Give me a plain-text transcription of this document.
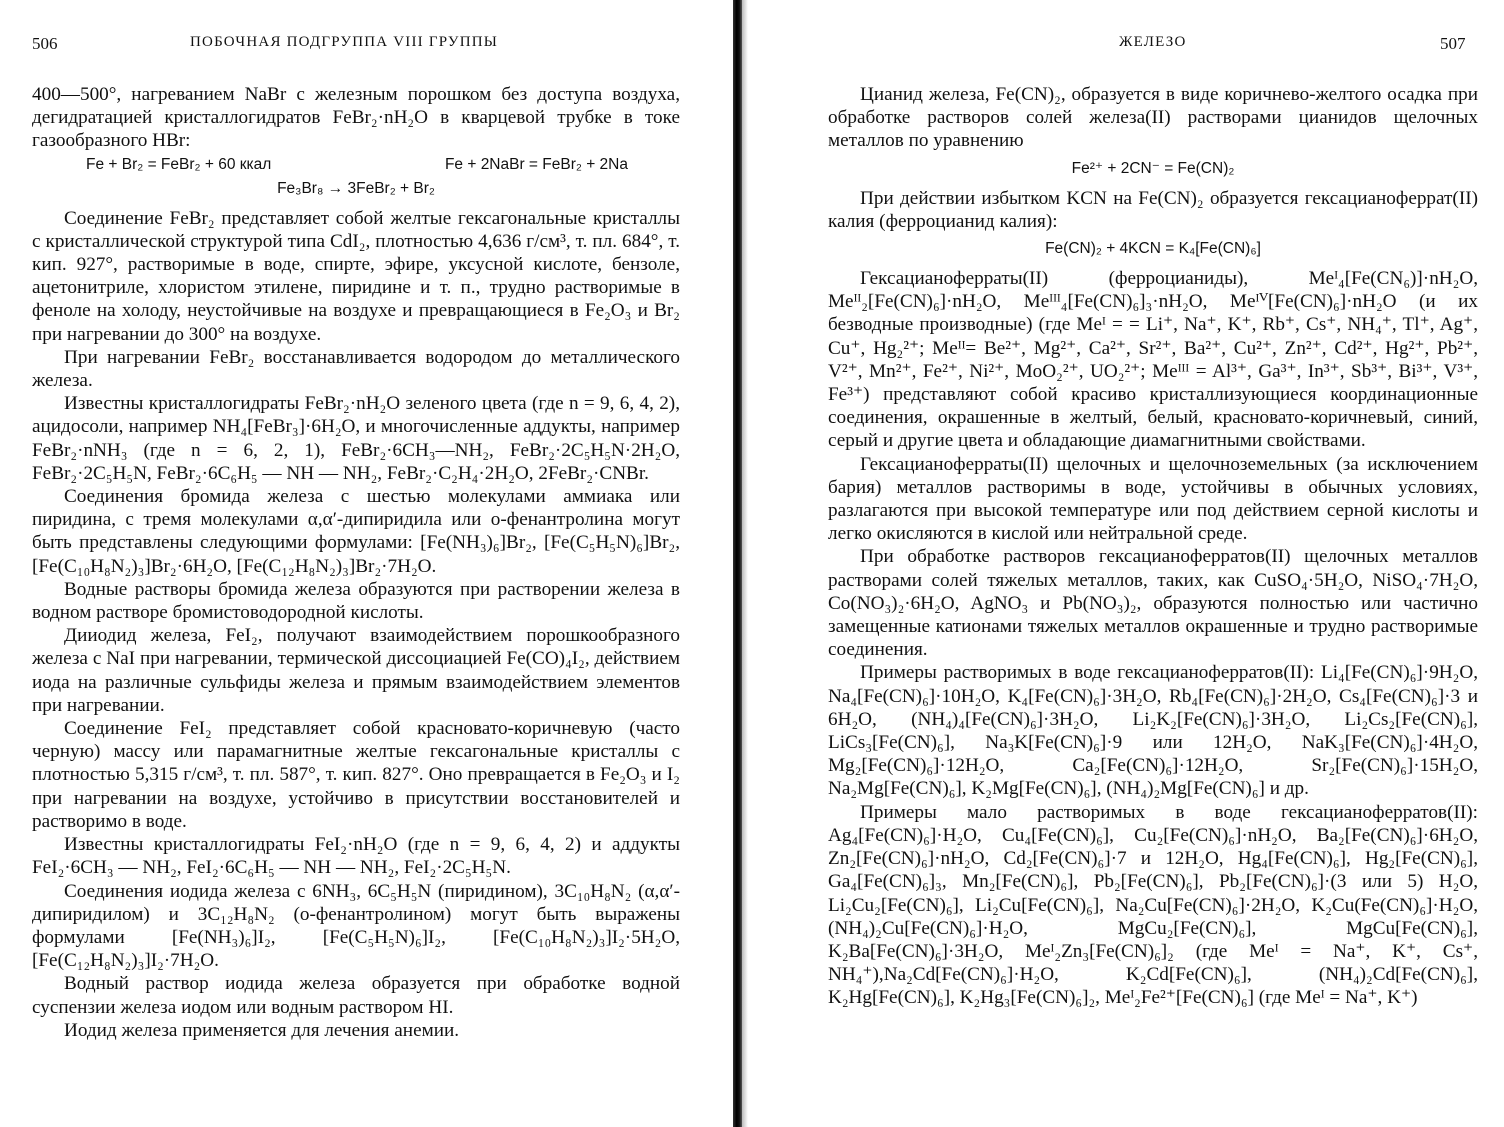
506	ПОБОЧНАЯ ПОДГРУППА VIII ГРУППЫ

400—500°, нагреванием NaBr с железным порошком без доступа воздуха, дегидратацией кристаллогидратов FeBr₂·nH₂O в кварцевой трубке в токе газообразного HBr:

Fe + Br₂ = FeBr₂ + 60 ккал	Fe + 2NaBr = FeBr₂ + 2Na
Fe₃Br₈ → 3FeBr₂ + Br₂

Соединение FeBr₂ представляет собой желтые гексагональные кристаллы с кристаллической структурой типа CdI₂, плотностью 4,636 г/см³, т. пл. 684°, т. кип. 927°, растворимые в воде, спирте, эфире, уксусной кислоте, бензоле, ацетонитриле, хлористом этилене, пиридине и т. п., трудно растворимые в феноле на холоду, неустойчивые на воздухе и превращающиеся в Fe₂O₃ и Br₂ при нагревании до 300° на воздухе.

При нагревании FeBr₂ восстанавливается водородом до металлического железа.

Известны кристаллогидраты FeBr₂·nH₂O зеленого цвета (где n = 9, 6, 4, 2), ацидосоли, например NH₄[FeBr₃]·6H₂O, и многочисленные аддукты, например FeBr₂·nNH₃ (где n = 6, 2, 1), FeBr₂·6CH₃—NH₂, FeBr₂·2C₅H₅N·2H₂O, FeBr₂·2C₅H₅N, FeBr₂·6C₆H₅ — NH — NH₂, FeBr₂·C₂H₄·2H₂O, 2FeBr₂·CNBr.

Соединения бромида железа с шестью молекулами аммиака или пиридина, с тремя молекулами α,α′-дипиридила или o-фенантролина могут быть представлены следующими формулами: [Fe(NH₃)₆]Br₂, [Fe(C₅H₅N)₆]Br₂, [Fe(C₁₀H₈N₂)₃]Br₂·6H₂O, [Fe(C₁₂H₈N₂)₃]Br₂·7H₂O.

Водные растворы бромида железа образуются при растворении железа в водном растворе бромистоводородной кислоты.

Дииодид железа, FeI₂, получают взаимодействием порошкообразного железа с NaI при нагревании, термической диссоциацией Fe(CO)₄I₂, действием иода на различные сульфиды железа и прямым взаимодействием элементов при нагревании.

Соединение FeI₂ представляет собой красновато-коричневую (часто черную) массу или парамагнитные желтые гексагональные кристаллы с плотностью 5,315 г/см³, т. пл. 587°, т. кип. 827°. Оно превращается в Fe₂O₃ и I₂ при нагревании на воздухе, устойчиво в присутствии восстановителей и растворимо в воде.

Известны кристаллогидраты FeI₂·nH₂O (где n = 9, 6, 4, 2) и аддукты FeI₂·6CH₃ — NH₂, FeI₂·6C₆H₅ — NH — NH₂, FeI₂·2C₅H₅N.

Соединения иодида железа с 6NH₃, 6C₅H₅N (пиридином), 3C₁₀H₈N₂ (α,α′-дипиридилом) и 3C₁₂H₈N₂ (o-фенантролином) могут быть выражены формулами [Fe(NH₃)₆]I₂, [Fe(C₅H₅N)₆]I₂, [Fe(C₁₀H₈N₂)₃]I₂·5H₂O, [Fe(C₁₂H₈N₂)₃]I₂·7H₂O.

Водный раствор иодида железа образуется при обработке водной суспензии железа иодом или водным раствором HI.

Иодид железа применяется для лечения анемии.

ЖЕЛЕЗО	507

Цианид железа, Fe(CN)₂, образуется в виде коричнево-желтого осадка при обработке растворов солей железа(II) растворами цианидов щелочных металлов по уравнению

Fe²⁺ + 2CN⁻ = Fe(CN)₂

При действии избытком KCN на Fe(CN)₂ образуется гексацианоферрат(II) калия (ферроцианид калия):

Fe(CN)₂ + 4KCN = K₄[Fe(CN)₆]

Гексацианоферраты(II) (ферроцианиды), Meᴵ₄[Fe(CN₆)]·nH₂O, Meᴵᴵ₂[Fe(CN)₆]·nH₂O, Meᴵᴵᴵ₄[Fe(CN)₆]₃·nH₂O, Meᴵⱽ[Fe(CN)₆]·nH₂O (и их безводные производные) (где Meᴵ = = Li⁺, Na⁺, K⁺, Rb⁺, Cs⁺, NH₄⁺, Tl⁺, Ag⁺, Cu⁺, Hg₂²⁺; Meᴵᴵ= Be²⁺, Mg²⁺, Ca²⁺, Sr²⁺, Ba²⁺, Cu²⁺, Zn²⁺, Cd²⁺, Hg²⁺, Pb²⁺, V²⁺, Mn²⁺, Fe²⁺, Ni²⁺, MoO₂²⁺, UO₂²⁺; Meᴵᴵᴵ = Al³⁺, Ga³⁺, In³⁺, Sb³⁺, Bi³⁺, V³⁺, Fe³⁺) представляют собой красиво кристаллизующиеся координационные соединения, окрашенные в желтый, белый, красновато-коричневый, синий, серый и другие цвета и обладающие диамагнитными свойствами.

Гексацианоферраты(II) щелочных и щелочноземельных (за исключением бария) металлов растворимы в воде, устойчивы в обычных условиях, разлагаются при высокой температуре или под действием серной кислоты и легко окисляются в кислой или нейтральной среде.

При обработке растворов гексацианоферратов(II) щелочных металлов растворами солей тяжелых металлов, таких, как CuSO₄·5H₂O, NiSO₄·7H₂O, Co(NO₃)₂·6H₂O, AgNO₃ и Pb(NO₃)₂, образуются полностью или частично замещенные катионами тяжелых металлов окрашенные и трудно растворимые соединения.

Примеры растворимых в воде гексацианоферратов(II): Li₄[Fe(CN)₆]·9H₂O, Na₄[Fe(CN)₆]·10H₂O, K₄[Fe(CN)₆]·3H₂O, Rb₄[Fe(CN)₆]·2H₂O, Cs₄[Fe(CN)₆]·3 и 6H₂O, (NH₄)₄[Fe(CN)₆]·3H₂O, Li₂K₂[Fe(CN)₆]·3H₂O, Li₂Cs₂[Fe(CN)₆], LiCs₃[Fe(CN)₆], Na₃K[Fe(CN)₆]·9 или 12H₂O, NaK₃[Fe(CN)₆]·4H₂O, Mg₂[Fe(CN)₆]·12H₂O, Ca₂[Fe(CN)₆]·12H₂O, Sr₂[Fe(CN)₆]·15H₂O, Na₂Mg[Fe(CN)₆], K₂Mg[Fe(CN)₆], (NH₄)₂Mg[Fe(CN)₆] и др.

Примеры мало растворимых в воде гексацианоферратов(II): Ag₄[Fe(CN)₆]·H₂O, Cu₄[Fe(CN)₆], Cu₂[Fe(CN)₆]·nH₂O, Ba₂[Fe(CN)₆]·6H₂O, Zn₂[Fe(CN)₆]·nH₂O, Cd₂[Fe(CN)₆]·7 и 12H₂O, Hg₄[Fe(CN)₆], Hg₂[Fe(CN)₆], Ga₄[Fe(CN)₆]₃, Mn₂[Fe(CN)₆], Pb₂[Fe(CN)₆], Pb₂[Fe(CN)₆]·(3 или 5) H₂O, Li₂Cu₂[Fe(CN)₆], Li₂Cu[Fe(CN)₆], Na₂Cu[Fe(CN)₆]·2H₂O, K₂Cu(Fe(CN)₆]·H₂O, (NH₄)₂Cu[Fe(CN)₆]·H₂O, MgCu₂[Fe(CN)₆], MgCu[Fe(CN)₆], K₂Ba[Fe(CN)₆]·3H₂O, Meᴵ₂Zn₃[Fe(CN)₆]₂ (где Meᴵ = Na⁺, K⁺, Cs⁺, NH₄⁺),Na₂Cd[Fe(CN)₆]·H₂O, K₂Cd[Fe(CN)₆], (NH₄)₂Cd[Fe(CN)₆], K₂Hg[Fe(CN)₆], K₂Hg₃[Fe(CN)₆]₂, Meᴵ₂Fe²⁺[Fe(CN)₆] (где Meᴵ = Na⁺, K⁺)
